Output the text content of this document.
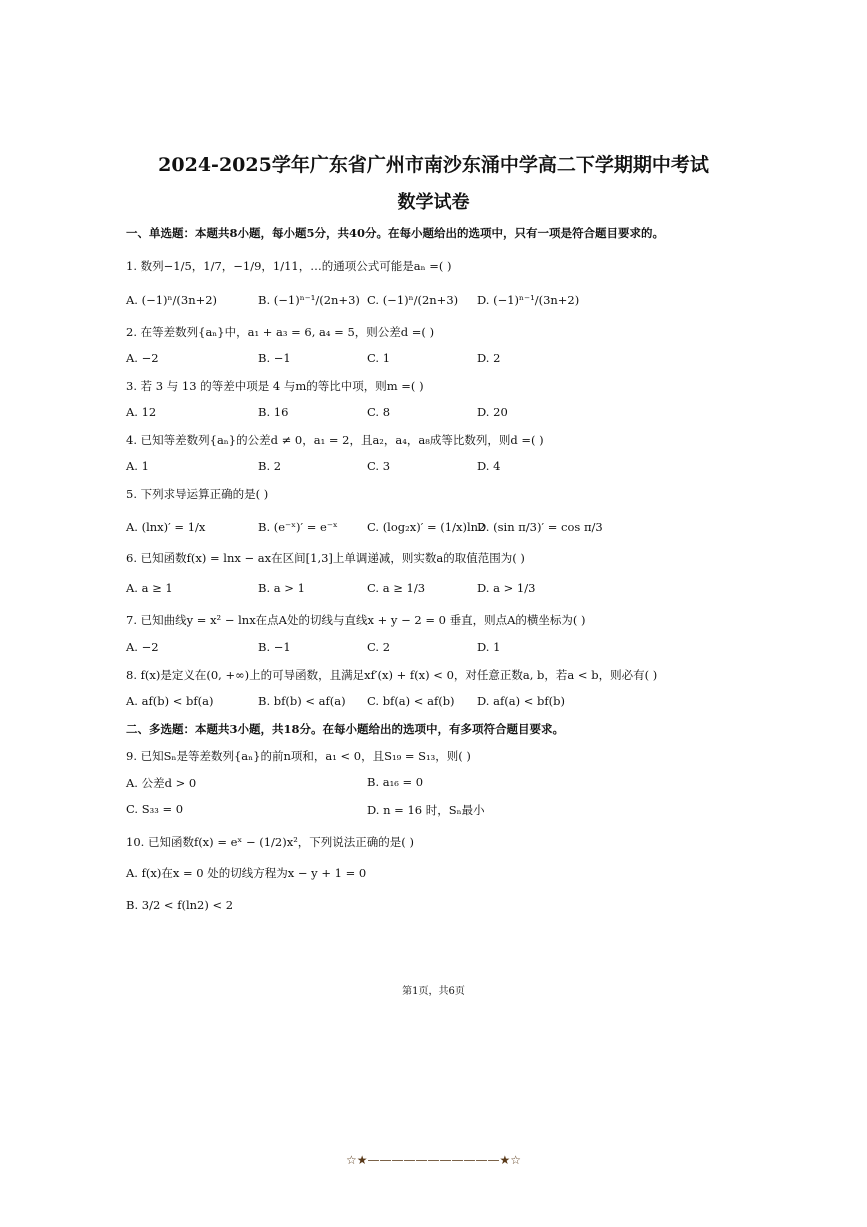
2024-2025学年广东省广州市南沙东涌中学高二下学期期中考试
数学试卷
一、单选题：本题共8小题，每小题5分，共40分。在每小题给出的选项中，只有一项是符合题目要求的。
1. 数列−1/5，1/7，−1/9，1/11，…的通项公式可能是aₙ =( )
A. (−1)ⁿ/(3n+2)	B. (−1)ⁿ⁻¹/(2n+3) C. (−1)ⁿ/(2n+3) D. (−1)ⁿ⁻¹/(3n+2)
2. 在等差数列{aₙ}中，a₁ + a₃ = 6, a₄ = 5，则公差d =( )
A. −2	B. −1	C. 1	D. 2
3. 若 3 与 13 的等差中项是 4 与m的等比中项，则m =( )
A. 12	B. 16	C. 8	D. 20
4. 已知等差数列{aₙ}的公差d ≠ 0，a₁ = 2，且a₂，a₄，a₈成等比数列，则d =( )
A. 1	B. 2	C. 3	D. 4
5. 下列求导运算正确的是( )
A. (lnx)′ = 1/x	B. (e⁻ˣ)′ = e⁻ˣ	C. (log₂x)′ = (1/x)ln2
D. (sin π/3)′ = cos π/3
6. 已知函数f(x) = lnx − ax在区间[1,3]上单调递减，则实数a的取值范围为( )
A. a ≥ 1	B. a > 1	C. a ≥ 1/3	D. a > 1/3
7. 已知曲线y = x² − lnx在点A处的切线与直线x + y − 2 = 0 垂直，则点A的横坐标为( )
A. −2	B. −1	C. 2	D. 1
8. f(x)是定义在(0, +∞)上的可导函数，且满足xf′(x) + f(x) < 0，对任意正数a, b，若a < b，则必有( )
A. af(b) < bf(a)	B. bf(b) < af(a) C. bf(a) < af(b) D. af(a) < bf(b)
二、多选题：本题共3小题，共18分。在每小题给出的选项中，有多项符合题目要求。
9. 已知Sₙ是等差数列{aₙ}的前n项和，a₁ < 0，且S₁₉ = S₁₃，则( )
A. 公差d > 0	B. a₁₆ = 0
C. S₃₃ = 0	D. n = 16 时，Sₙ最小
10. 已知函数f(x) = eˣ − (1/2)x²，下列说法正确的是( )
A. f(x)在x = 0 处的切线方程为x − y + 1 = 0
B. 3/2 < f(ln2) < 2
第1页，共6页
☆★———————————★☆
